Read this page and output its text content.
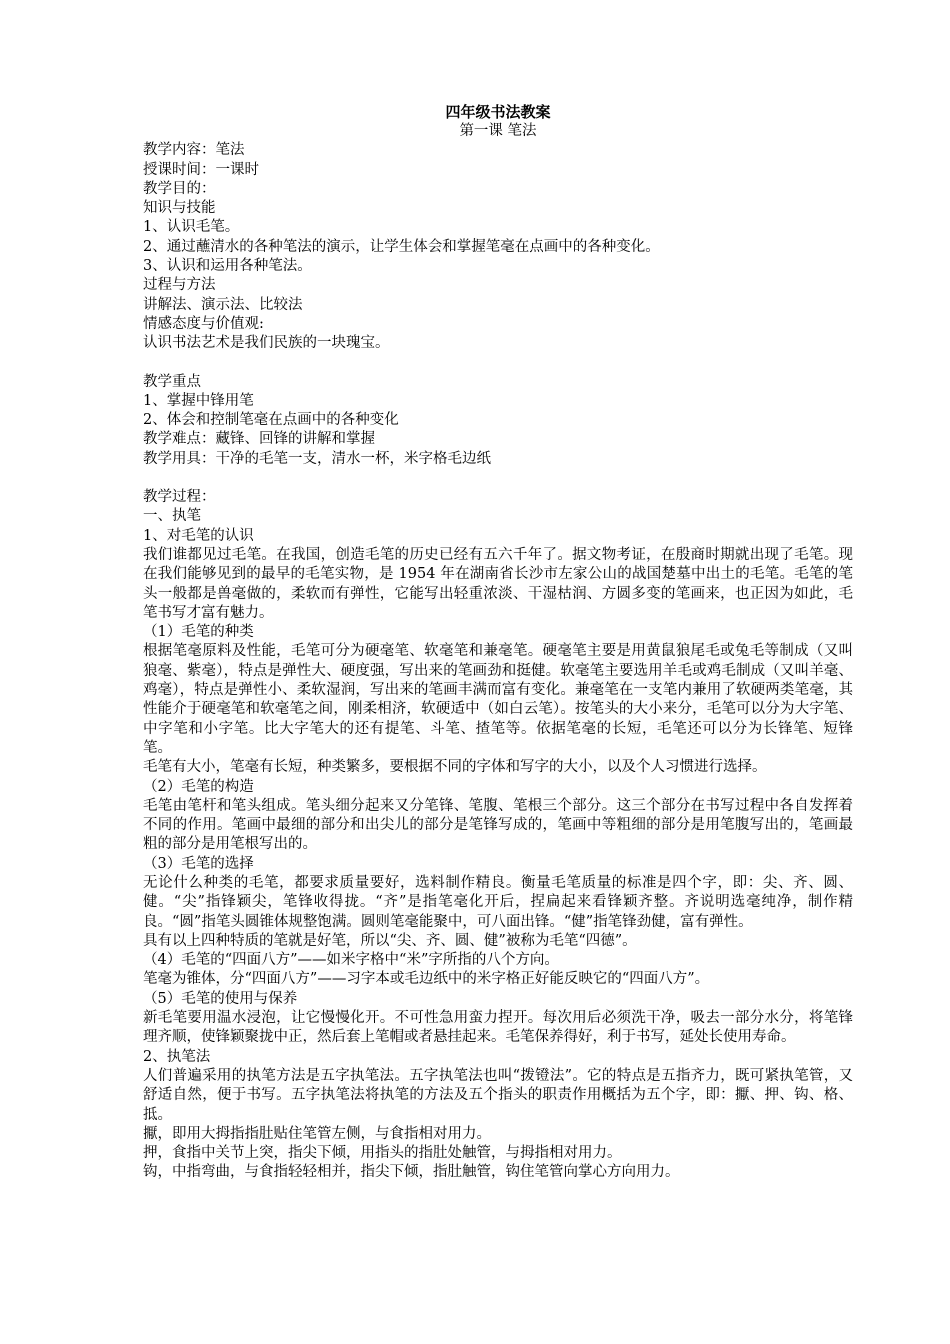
四年级书法教案

第一课 笔法

教学内容：笔法

授课时间：一课时

教学目的：

知识与技能

1、认识毛笔。

2、通过蘸清水的各种笔法的演示，让学生体会和掌握笔毫在点画中的各种变化。

3、认识和运用各种笔法。

过程与方法

讲解法、演示法、比较法

情感态度与价值观:

认识书法艺术是我们民族的一块瑰宝。

教学重点

1、掌握中锋用笔

2、体会和控制笔毫在点画中的各种变化

教学难点：藏锋、回锋的讲解和掌握

教学用具：干净的毛笔一支，清水一杯，米字格毛边纸

教学过程：

一、执笔

1、对毛笔的认识

我们谁都见过毛笔。在我国，创造毛笔的历史已经有五六千年了。据文物考证，在殷商时期就出现了毛笔。现在我们能够见到的最早的毛笔实物，是 1954 年在湖南省长沙市左家公山的战国楚墓中出土的毛笔。毛笔的笔头一般都是兽毫做的，柔软而有弹性，它能写出轻重浓淡、干湿枯润、方圆多变的笔画来，也正因为如此，毛笔书写才富有魅力。

（1）毛笔的种类

根据笔毫原料及性能，毛笔可分为硬毫笔、软毫笔和兼毫笔。硬毫笔主要是用黄鼠狼尾毛或兔毛等制成（又叫狼毫、紫毫），特点是弹性大、硬度强，写出来的笔画劲和挺健。软毫笔主要选用羊毛或鸡毛制成（又叫羊毫、鸡毫），特点是弹性小、柔软湿润，写出来的笔画丰满而富有变化。兼毫笔在一支笔内兼用了软硬两类笔毫，其性能介于硬毫笔和软毫笔之间，刚柔相济，软硬适中（如白云笔）。按笔头的大小来分，毛笔可以分为大字笔、中字笔和小字笔。比大字笔大的还有提笔、斗笔、揸笔等。依据笔毫的长短，毛笔还可以分为长锋笔、短锋笔。

毛笔有大小，笔毫有长短，种类繁多，要根据不同的字体和写字的大小，以及个人习惯进行选择。

（2）毛笔的构造

毛笔由笔杆和笔头组成。笔头细分起来又分笔锋、笔腹、笔根三个部分。这三个部分在书写过程中各自发挥着不同的作用。笔画中最细的部分和出尖儿的部分是笔锋写成的，笔画中等粗细的部分是用笔腹写出的，笔画最粗的部分是用笔根写出的。

（3）毛笔的选择

无论什么种类的毛笔，都要求质量要好，选料制作精良。衡量毛笔质量的标准是四个字，即：尖、齐、圆、健。“尖”指锋颖尖，笔锋收得拢。“齐”是指笔毫化开后，捏扁起来看锋颖齐整。齐说明选毫纯净，制作精良。“圆”指笔头圆锥体规整饱满。圆则笔毫能聚中，可八面出锋。“健”指笔锋劲健，富有弹性。

具有以上四种特质的笔就是好笔，所以“尖、齐、圆、健”被称为毛笔“四德”。

（4）毛笔的“四面八方”——如米字格中“米”字所指的八个方向。

笔毫为锥体，分“四面八方”——习字本或毛边纸中的米字格正好能反映它的“四面八方”。

（5）毛笔的使用与保养

新毛笔要用温水浸泡，让它慢慢化开。不可性急用蛮力捏开。每次用后必须洗干净，吸去一部分水分，将笔锋理齐顺，使锋颖聚拢中正，然后套上笔帽或者悬挂起来。毛笔保养得好，利于书写，延处长使用寿命。

2、执笔法

人们普遍采用的执笔方法是五字执笔法。五字执笔法也叫“拨镫法”。它的特点是五指齐力，既可紧执笔管，又舒适自然，便于书写。五字执笔法将执笔的方法及五个指头的职责作用概括为五个字，即：擫、押、钩、格、抵。

擫，即用大拇指指肚贴住笔管左侧，与食指相对用力。

押，食指中关节上突，指尖下倾，用指头的指肚处触管，与拇指相对用力。

钩，中指弯曲，与食指轻轻相并，指尖下倾，指肚触管，钩住笔管向掌心方向用力。
